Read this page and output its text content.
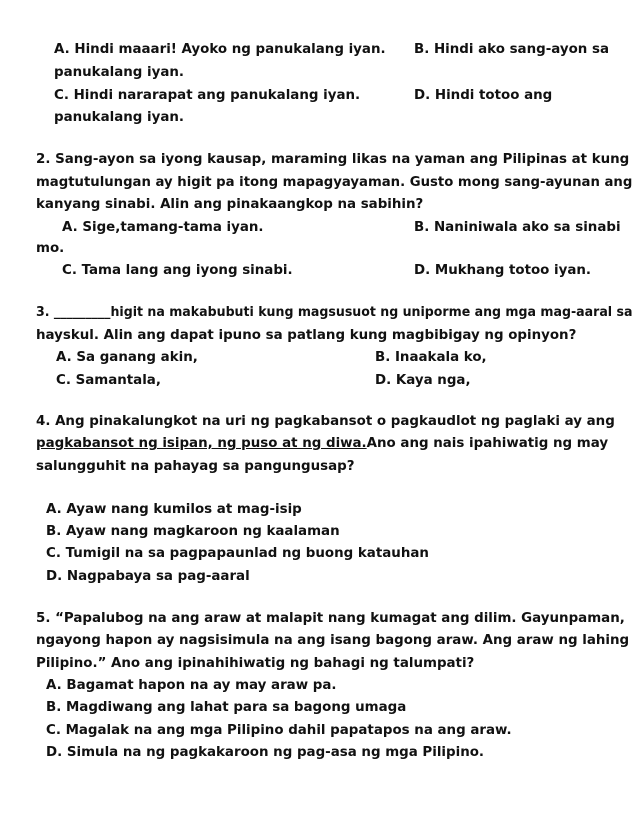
A. Hindi maaari! Ayoko ng panukalang iyan. B. Hindi ako sang-ayon sa
panukalang iyan.
C. Hindi nararapat ang panukalang iyan.	D. Hindi totoo ang
panukalang iyan.
2. Sang-ayon sa iyong kausap, maraming likas na yaman ang Pilipinas at kung
magtutulungan ay higit pa itong mapagyayaman. Gusto mong sang-ayunan ang
kanyang sinabi. Alin ang pinakaangkop na sabihin?
A. Sige,tamang-tama iyan.	B. Naniniwala ako sa sinabi
mo.
C. Tama lang ang iyong sinabi.	D. Mukhang totoo iyan.
3. _________higit na makabubuti kung magsusuot ng uniporme ang mga mag-aaral sa
hayskul. Alin ang dapat ipuno sa patlang kung magbibigay ng opinyon?
A. Sa ganang akin,	B. Inaakala ko,
C. Samantala,	D. Kaya nga,
4. Ang pinakalungkot na uri ng pagkabansot o pagkaudlot ng paglaki ay ang
pagkabansot ng isipan, ng puso at ng diwa.Ano ang nais ipahiwatig ng may
salungguhit na pahayag sa pangungusap?
A. Ayaw nang kumilos at mag-isip
B. Ayaw nang magkaroon ng kaalaman
C. Tumigil na sa pagpapaunlad ng buong katauhan
D. Nagpabaya sa pag-aaral
5. “Papalubog na ang araw at malapit nang kumagat ang dilim. Gayunpaman,
ngayong hapon ay nagsisimula na ang isang bagong araw. Ang araw ng lahing
Pilipino.” Ano ang ipinahihiwatig ng bahagi ng talumpati?
A. Bagamat hapon na ay may araw pa.
B. Magdiwang ang lahat para sa bagong umaga
C. Magalak na ang mga Pilipino dahil papatapos na ang araw.
D. Simula na ng pagkakaroon ng pag-asa ng mga Pilipino.
